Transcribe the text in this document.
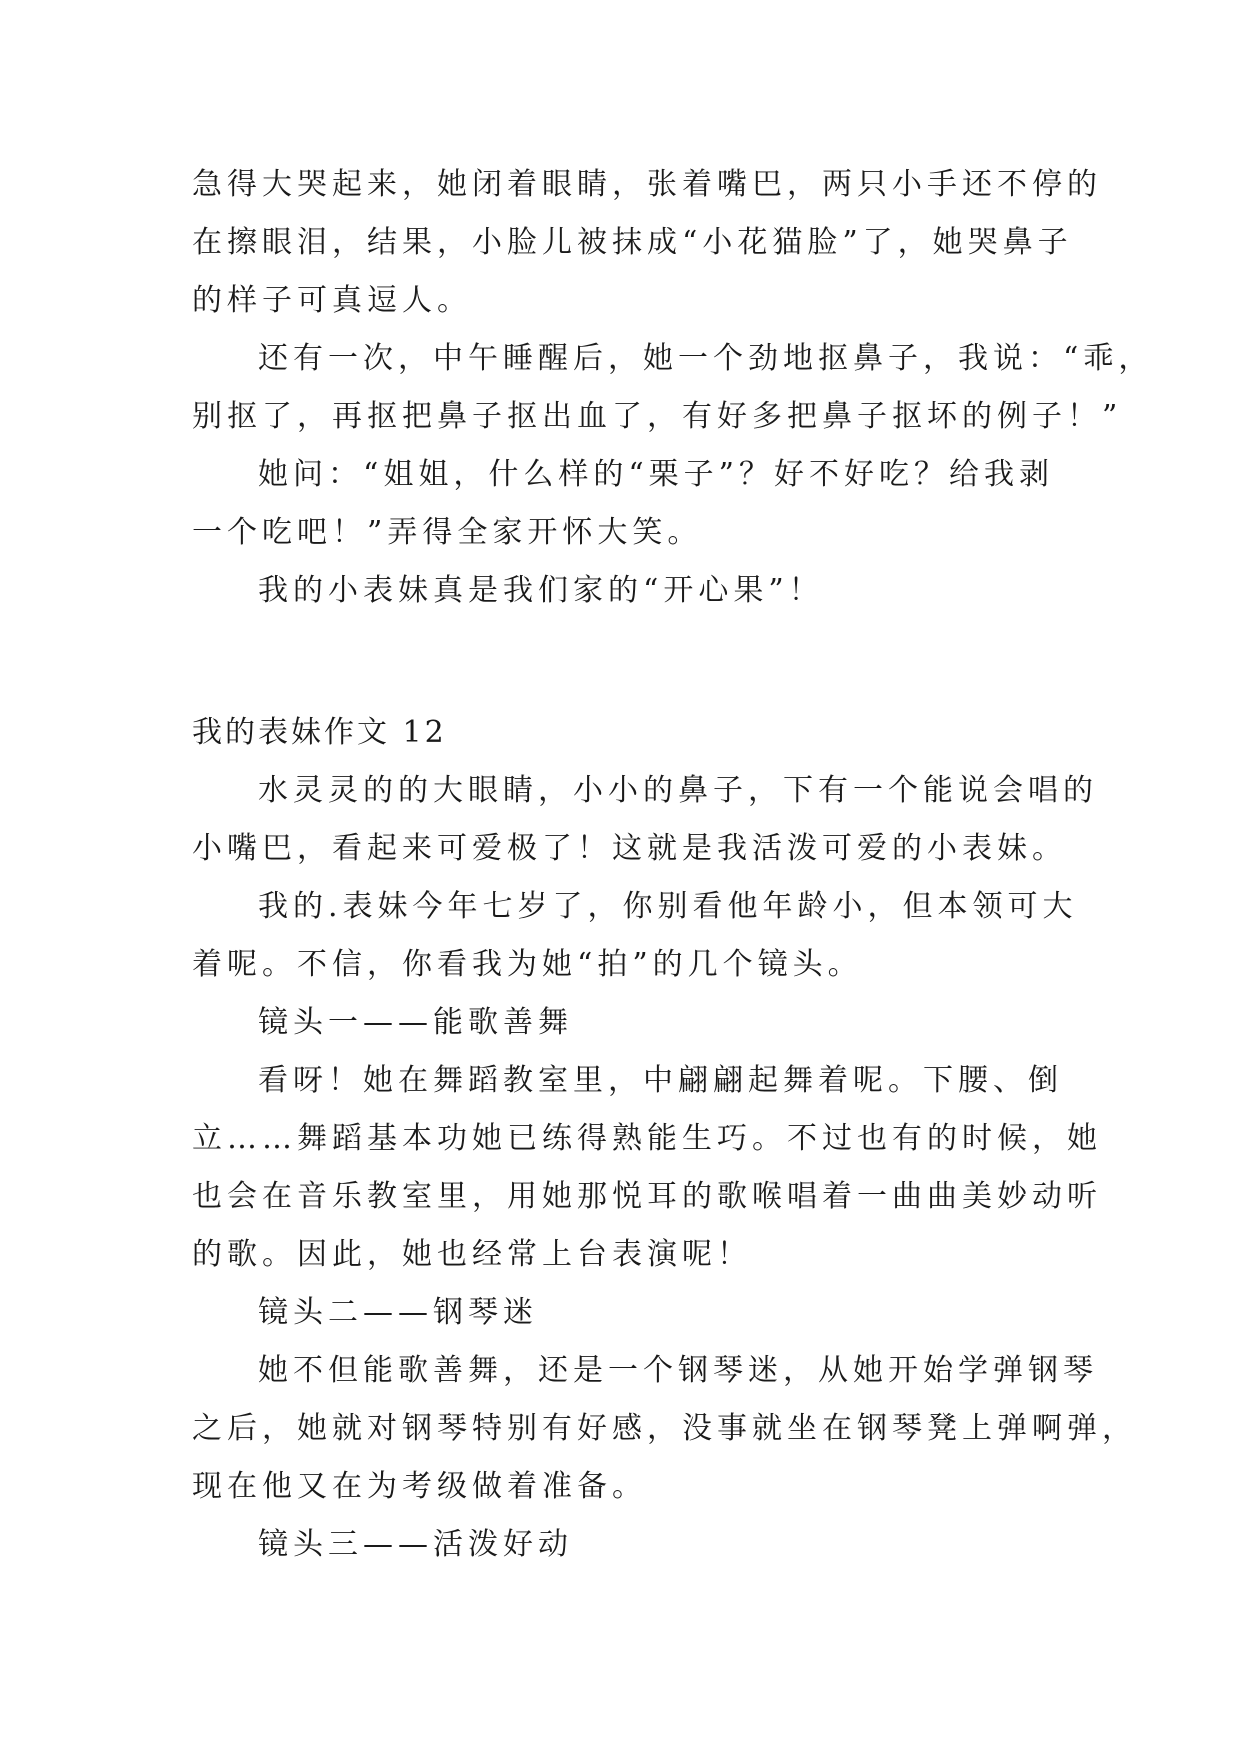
急得大哭起来，她闭着眼睛，张着嘴巴，两只小手还不停的
在擦眼泪，结果，小脸儿被抹成“小花猫脸”了，她哭鼻子
的样子可真逗人。
还有一次，中午睡醒后，她一个劲地抠鼻子，我说：“乖，
别抠了，再抠把鼻子抠出血了，有好多把鼻子抠坏的例子！”
她问：“姐姐，什么样的“栗子”？好不好吃？给我剥
一个吃吧！”弄得全家开怀大笑。
我的小表妹真是我们家的“开心果”！
我的表妹作文 12
水灵灵的的大眼睛，小小的鼻子，下有一个能说会唱的
小嘴巴，看起来可爱极了！这就是我活泼可爱的小表妹。
我的.表妹今年七岁了，你别看他年龄小，但本领可大
着呢。不信，你看我为她“拍”的几个镜头。
镜头一——能歌善舞
看呀！她在舞蹈教室里，中翩翩起舞着呢。下腰、倒
立……舞蹈基本功她已练得熟能生巧。不过也有的时候，她
也会在音乐教室里，用她那悦耳的歌喉唱着一曲曲美妙动听
的歌。因此，她也经常上台表演呢！
镜头二——钢琴迷
她不但能歌善舞，还是一个钢琴迷，从她开始学弹钢琴
之后，她就对钢琴特别有好感，没事就坐在钢琴凳上弹啊弹，
现在他又在为考级做着准备。
镜头三——活泼好动
